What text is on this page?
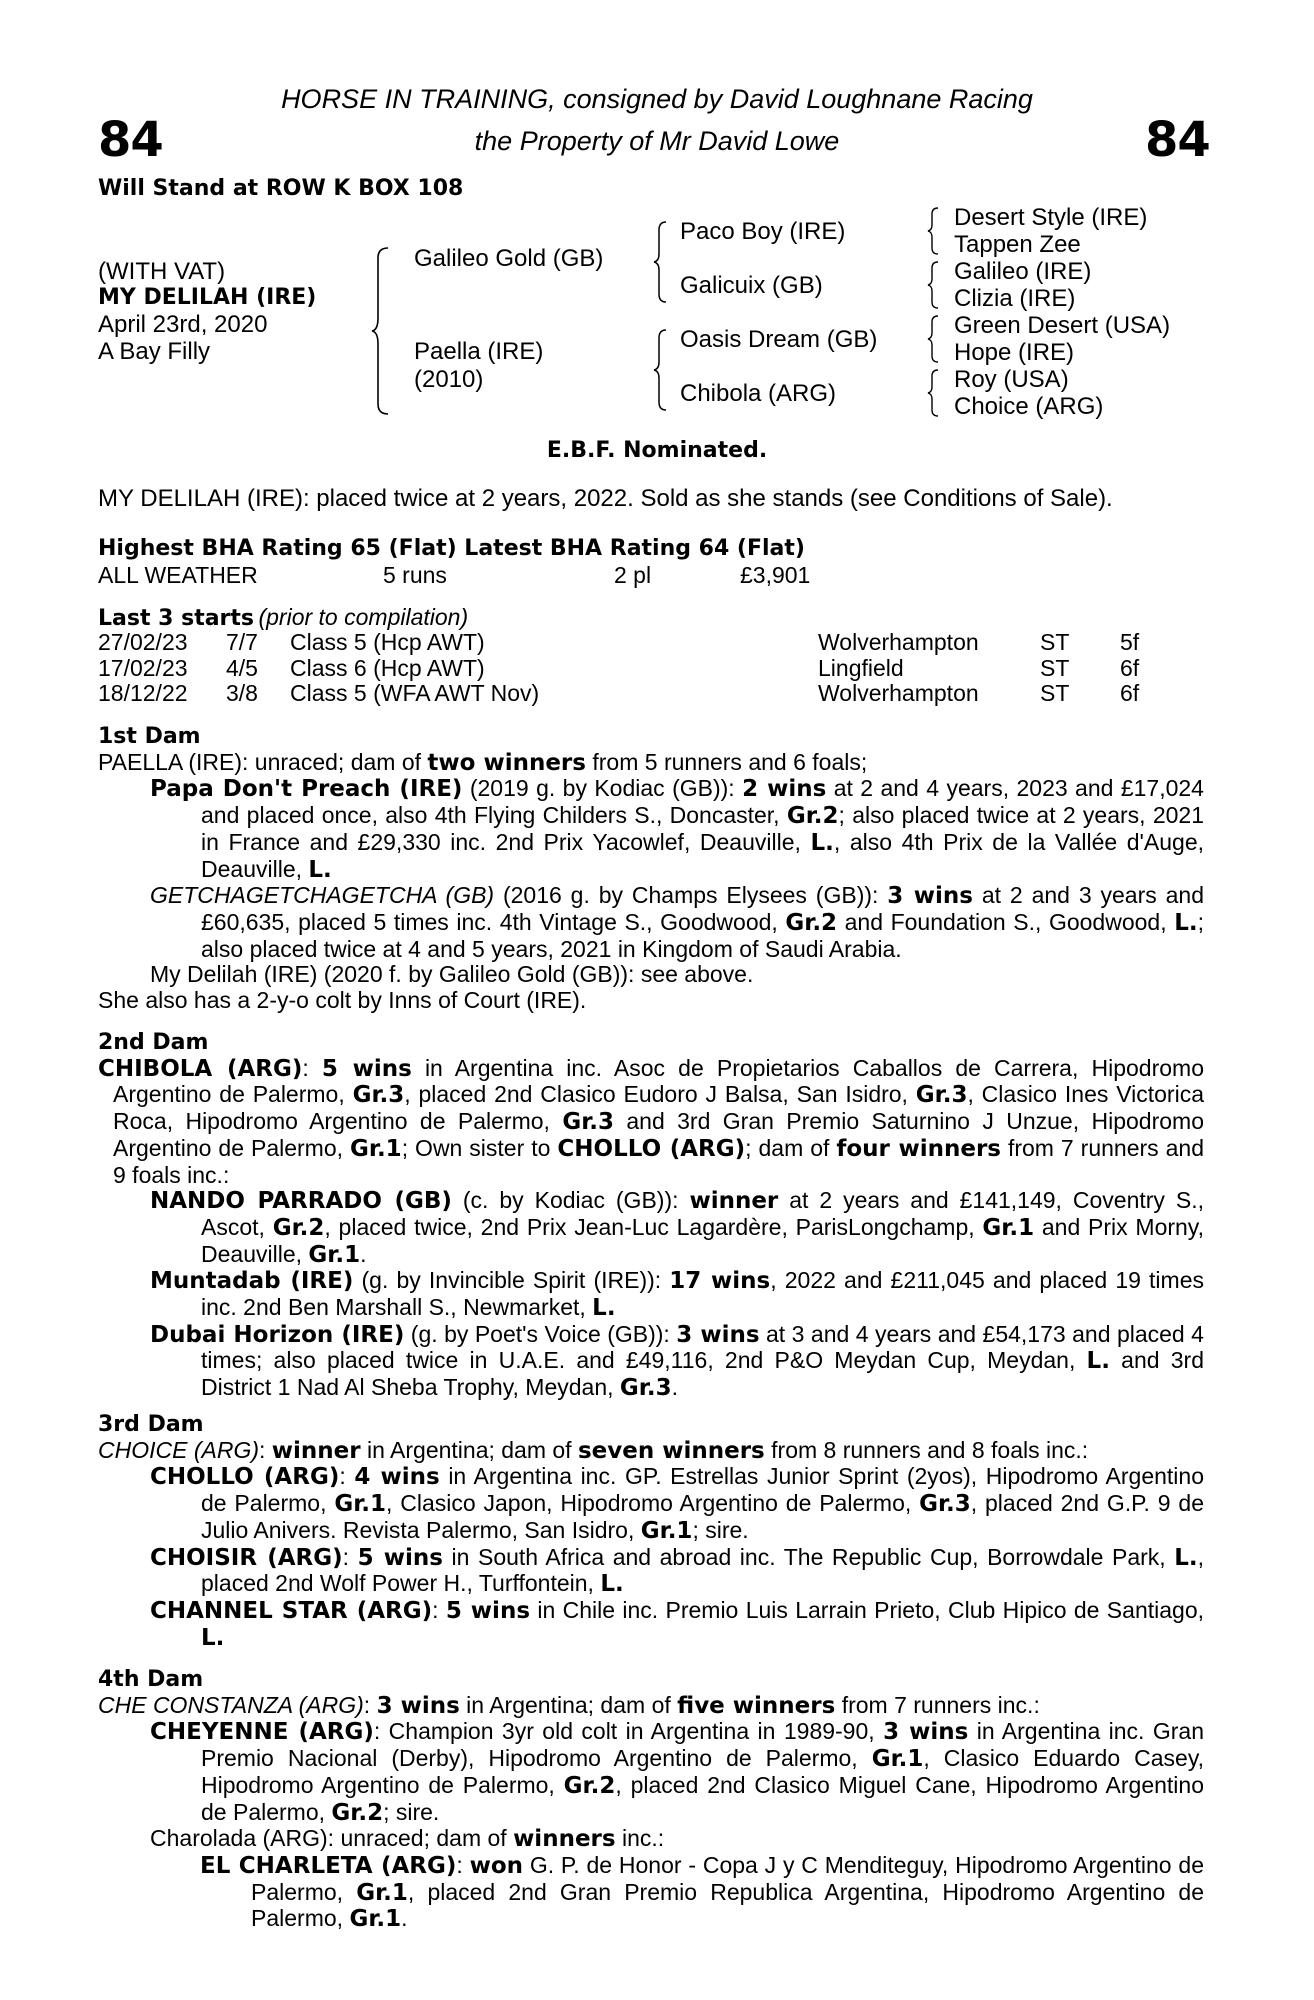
84	84
HORSE IN TRAINING, consigned by David Loughnane Racing
the Property of Mr David Lowe
Will Stand at ROW K BOX 108
(WITH VAT)
MY DELILAH (IRE)
April 23rd, 2020
A Bay Filly
Galileo Gold (GB)
Paella (IRE)
(2010)
Paco Boy (IRE)
Galicuix (GB)
Oasis Dream (GB)
Chibola (ARG)
Desert Style (IRE)
Tappen Zee
Galileo (IRE)
Clizia (IRE)
Green Desert (USA)
Hope (IRE)
Roy (USA)
Choice (ARG)
E.B.F. Nominated.
MY DELILAH (IRE): placed twice at 2 years, 2022. Sold as she stands (see Conditions of Sale).
Highest BHA Rating 65 (Flat) Latest BHA Rating 64 (Flat)
ALL WEATHER	5 runs	2 pl	£3,901
Last 3 starts (prior to compilation)
27/02/23	7/7	Class 5 (Hcp AWT)	Wolverhampton	ST	5f
17/02/23	4/5	Class 6 (Hcp AWT)	Lingfield	ST	6f
18/12/22	3/8	Class 5 (WFA AWT Nov)	Wolverhampton	ST	6f

1st Dam

PAELLA (IRE): unraced; dam of two winners from 5 runners and 6 foals;

Papa Don't Preach (IRE) (2019 g. by Kodiac (GB)): 2 wins at 2 and 4 years, 2023 and £17,024 and placed once, also 4th Flying Childers S., Doncaster, Gr.2; also placed twice at 2 years, 2021 in France and £29,330 inc. 2nd Prix Yacowlef, Deauville, L., also 4th Prix de la Vallée d'Auge, Deauville, L.

GETCHAGETCHAGETCHA (GB) (2016 g. by Champs Elysees (GB)): 3 wins at 2 and 3 years and £60,635, placed 5 times inc. 4th Vintage S., Goodwood, Gr.2 and Foundation S., Goodwood, L.; also placed twice at 4 and 5 years, 2021 in Kingdom of Saudi Arabia.

My Delilah (IRE) (2020 f. by Galileo Gold (GB)): see above.

She also has a 2-y-o colt by Inns of Court (IRE).

2nd Dam

CHIBOLA (ARG): 5 wins in Argentina inc. Asoc de Propietarios Caballos de Carrera, Hipodromo Argentino de Palermo, Gr.3, placed 2nd Clasico Eudoro J Balsa, San Isidro, Gr.3, Clasico Ines Victorica Roca, Hipodromo Argentino de Palermo, Gr.3 and 3rd Gran Premio Saturnino J Unzue, Hipodromo Argentino de Palermo, Gr.1; Own sister to CHOLLO (ARG); dam of four winners from 7 runners and 9 foals inc.:

NANDO PARRADO (GB) (c. by Kodiac (GB)): winner at 2 years and £141,149, Coventry S., Ascot, Gr.2, placed twice, 2nd Prix Jean-Luc Lagardère, ParisLongchamp, Gr.1 and Prix Morny, Deauville, Gr.1.

Muntadab (IRE) (g. by Invincible Spirit (IRE)): 17 wins, 2022 and £211,045 and placed 19 times inc. 2nd Ben Marshall S., Newmarket, L.

Dubai Horizon (IRE) (g. by Poet's Voice (GB)): 3 wins at 3 and 4 years and £54,173 and placed 4 times; also placed twice in U.A.E. and £49,116, 2nd P&O Meydan Cup, Meydan, L. and 3rd District 1 Nad Al Sheba Trophy, Meydan, Gr.3.

3rd Dam

CHOICE (ARG): winner in Argentina; dam of seven winners from 8 runners and 8 foals inc.:

CHOLLO (ARG): 4 wins in Argentina inc. GP. Estrellas Junior Sprint (2yos), Hipodromo Argentino de Palermo, Gr.1, Clasico Japon, Hipodromo Argentino de Palermo, Gr.3, placed 2nd G.P. 9 de Julio Anivers. Revista Palermo, San Isidro, Gr.1; sire.

CHOISIR (ARG): 5 wins in South Africa and abroad inc. The Republic Cup, Borrowdale Park, L., placed 2nd Wolf Power H., Turffontein, L.

CHANNEL STAR (ARG): 5 wins in Chile inc. Premio Luis Larrain Prieto, Club Hipico de Santiago, L.

4th Dam

CHE CONSTANZA (ARG): 3 wins in Argentina; dam of five winners from 7 runners inc.:

CHEYENNE (ARG): Champion 3yr old colt in Argentina in 1989-90, 3 wins in Argentina inc. Gran Premio Nacional (Derby), Hipodromo Argentino de Palermo, Gr.1, Clasico Eduardo Casey, Hipodromo Argentino de Palermo, Gr.2, placed 2nd Clasico Miguel Cane, Hipodromo Argentino de Palermo, Gr.2; sire.

Charolada (ARG): unraced; dam of winners inc.:

EL CHARLETA (ARG): won G. P. de Honor - Copa J y C Menditeguy, Hipodromo Argentino de Palermo, Gr.1, placed 2nd Gran Premio Republica Argentina, Hipodromo Argentino de Palermo, Gr.1.
